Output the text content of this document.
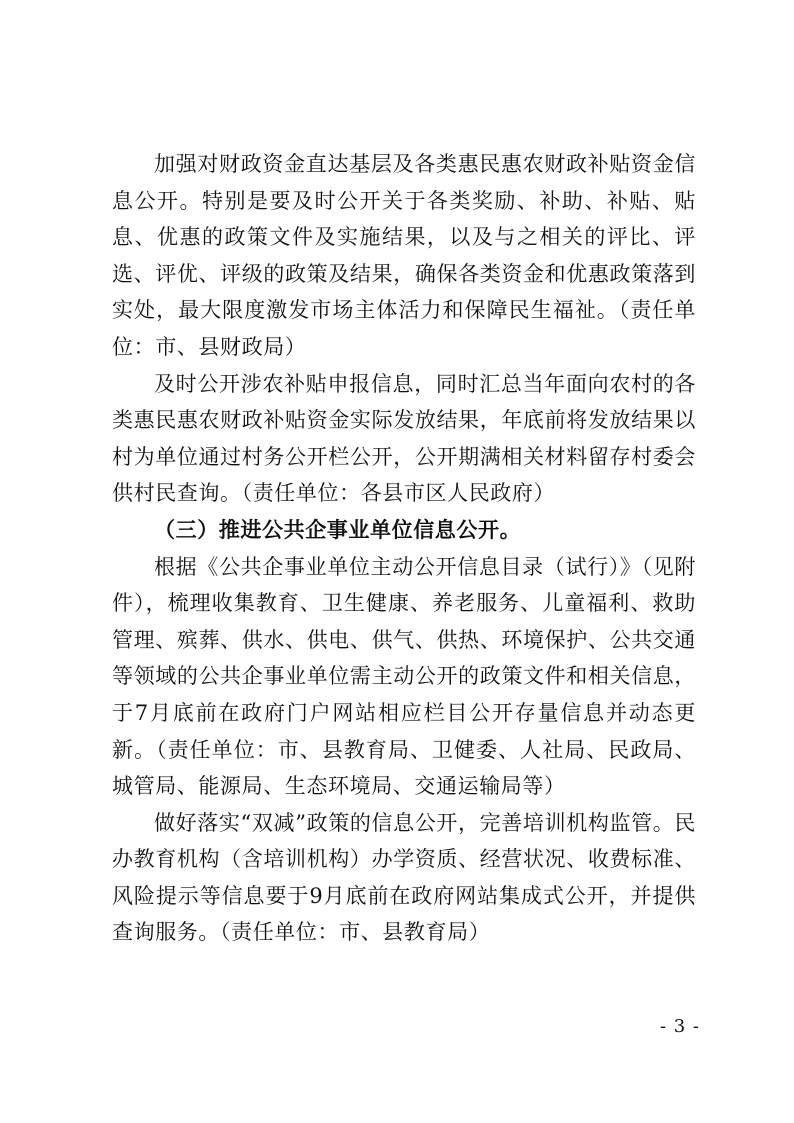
加强对财政资金直达基层及各类惠民惠农财政补贴资金信息公开。特别是要及时公开关于各类奖励、补助、补贴、贴息、优惠的政策文件及实施结果，以及与之相关的评比、评选、评优、评级的政策及结果，确保各类资金和优惠政策落到实处，最大限度激发市场主体活力和保障民生福祉。（责任单位：市、县财政局）

及时公开涉农补贴申报信息，同时汇总当年面向农村的各类惠民惠农财政补贴资金实际发放结果，年底前将发放结果以村为单位通过村务公开栏公开，公开期满相关材料留存村委会供村民查询。（责任单位：各县市区人民政府）

（三）推进公共企事业单位信息公开。

根据《公共企事业单位主动公开信息目录（试行）》（见附件），梳理收集教育、卫生健康、养老服务、儿童福利、救助管理、殡葬、供水、供电、供气、供热、环境保护、公共交通等领域的公共企事业单位需主动公开的政策文件和相关信息，于7月底前在政府门户网站相应栏目公开存量信息并动态更新。（责任单位：市、县教育局、卫健委、人社局、民政局、城管局、能源局、生态环境局、交通运输局等）

做好落实“双减”政策的信息公开，完善培训机构监管。民办教育机构（含培训机构）办学资质、经营状况、收费标准、风险提示等信息要于9月底前在政府网站集成式公开，并提供查询服务。（责任单位：市、县教育局）

- 3 -
